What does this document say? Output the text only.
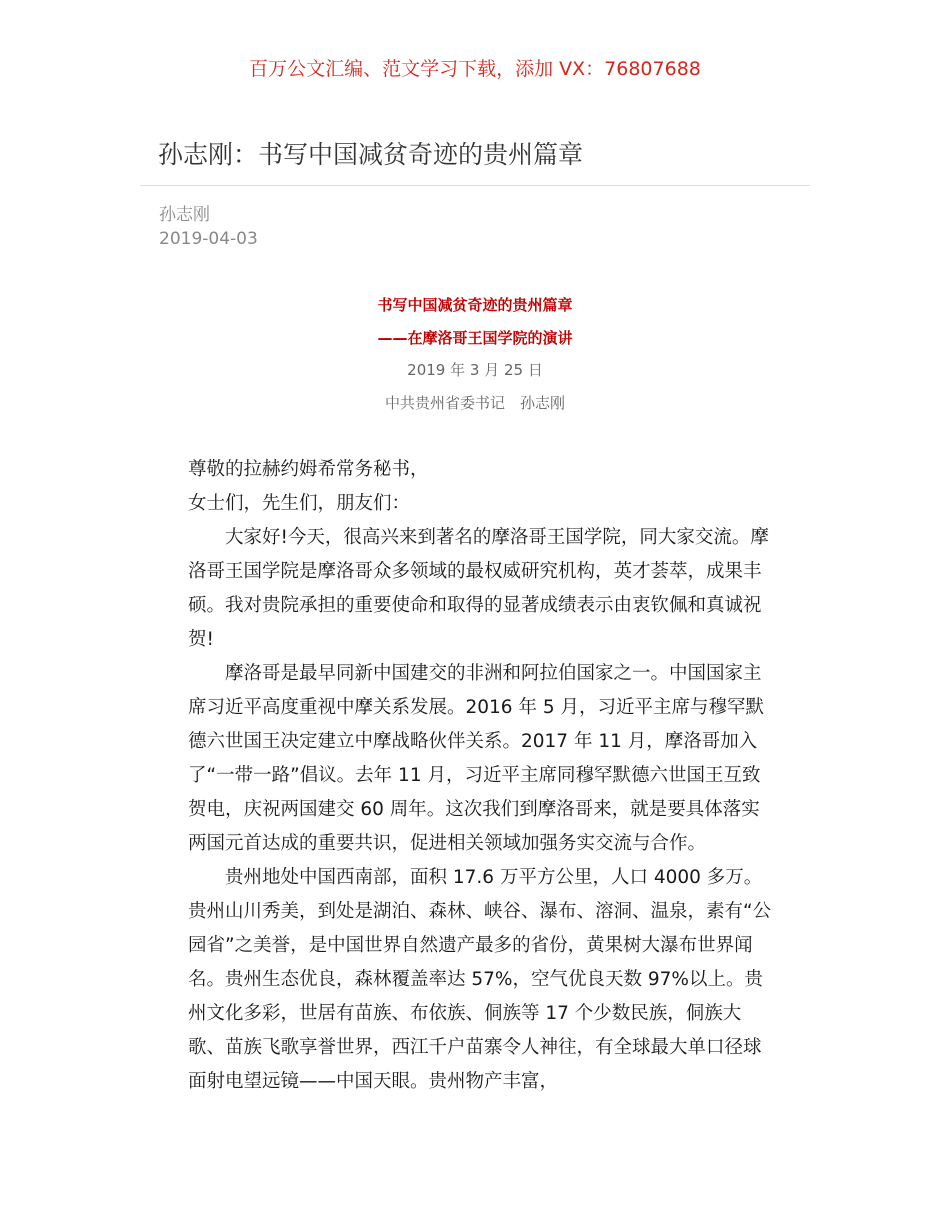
百万公文汇编、范文学习下载，添加 VX：76807688
孙志刚：书写中国减贫奇迹的贵州篇章
孙志刚
2019-04-03
书写中国减贫奇迹的贵州篇章
——在摩洛哥王国学院的演讲
2019 年 3 月 25 日
中共贵州省委书记　孙志刚

尊敬的拉赫约姆希常务秘书，

女士们，先生们，朋友们：

大家好!今天，很高兴来到著名的摩洛哥王国学院，同大家交流。摩洛哥王国学院是摩洛哥众多领域的最权威研究机构，英才荟萃，成果丰硕。我对贵院承担的重要使命和取得的显著成绩表示由衷钦佩和真诚祝贺!

摩洛哥是最早同新中国建交的非洲和阿拉伯国家之一。中国国家主席习近平高度重视中摩关系发展。2016 年 5 月，习近平主席与穆罕默德六世国王决定建立中摩战略伙伴关系。2017 年 11 月，摩洛哥加入了“一带一路”倡议。去年 11 月，习近平主席同穆罕默德六世国王互致贺电，庆祝两国建交 60 周年。这次我们到摩洛哥来，就是要具体落实两国元首达成的重要共识，促进相关领域加强务实交流与合作。

贵州地处中国西南部，面积 17.6 万平方公里，人口 4000 多万。贵州山川秀美，到处是湖泊、森林、峡谷、瀑布、溶洞、温泉，素有“公园省”之美誉，是中国世界自然遗产最多的省份，黄果树大瀑布世界闻名。贵州生态优良，森林覆盖率达 57%，空气优良天数 97%以上。贵州文化多彩，世居有苗族、布依族、侗族等 17 个少数民族，侗族大歌、苗族飞歌享誉世界，西江千户苗寨令人神往，有全球最大单口径球面射电望远镜——中国天眼。贵州物产丰富，
